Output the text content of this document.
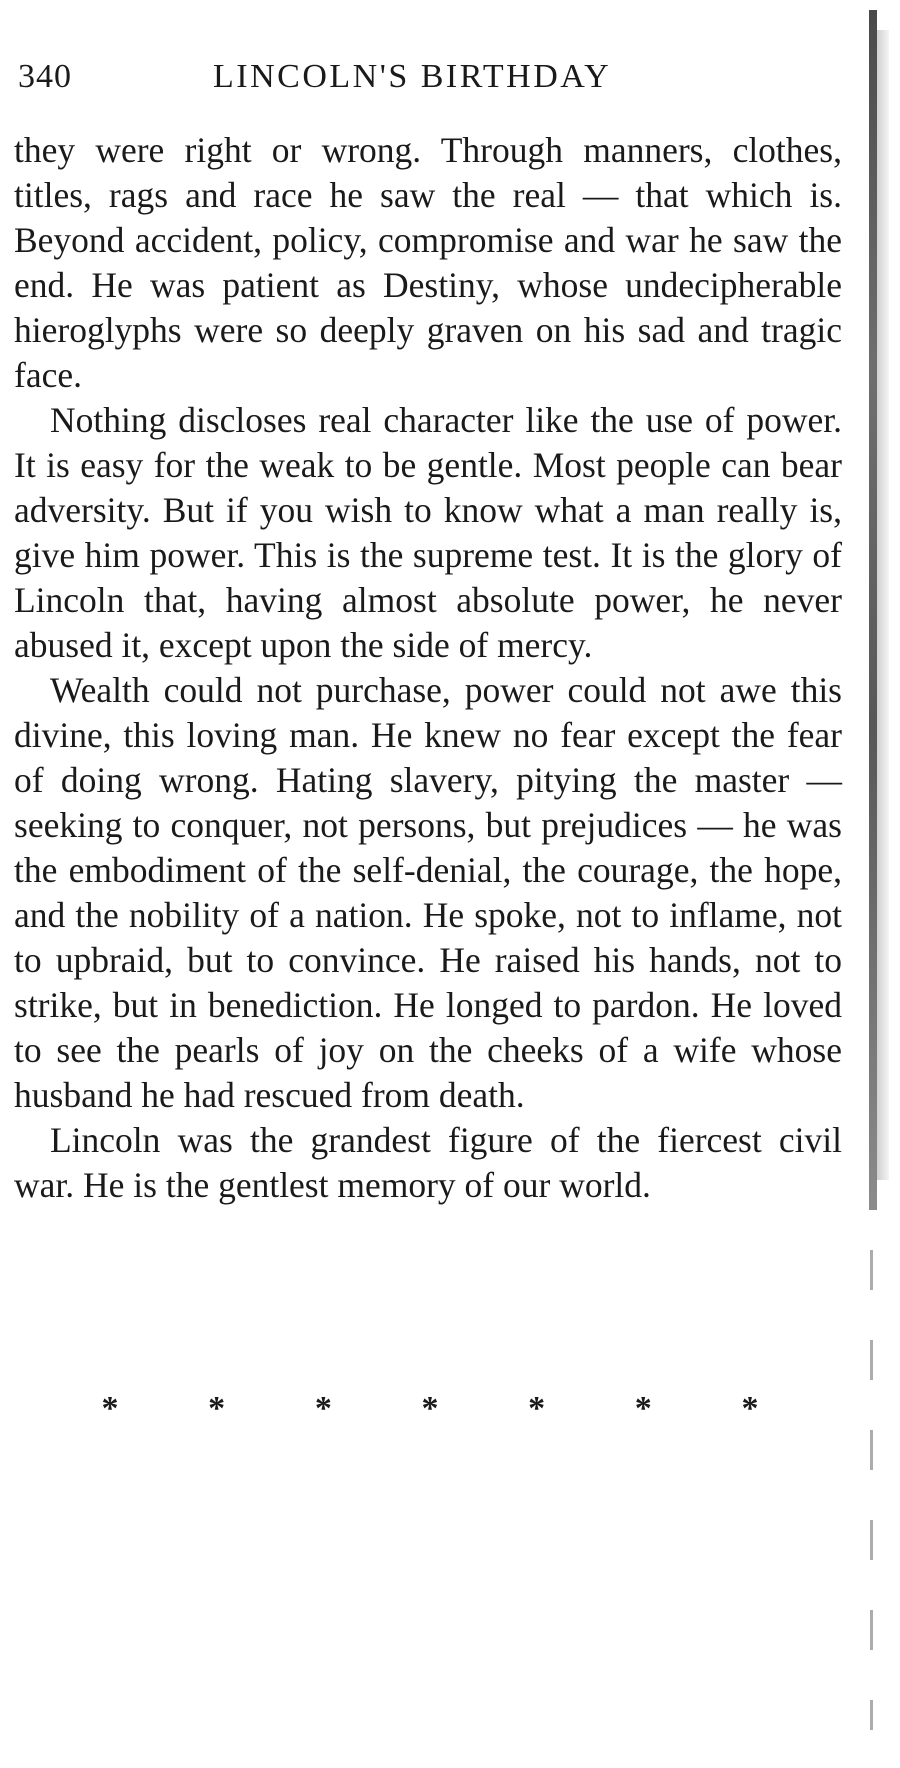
340	LINCOLN'S BIRTHDAY

they were right or wrong. Through manners, clothes, titles, rags and race he saw the real — that which is. Beyond accident, policy, compromise and war he saw the end. He was patient as Destiny, whose undecipherable hieroglyphs were so deeply graven on his sad and tragic face.

Nothing discloses real character like the use of power. It is easy for the weak to be gentle. Most people can bear adversity. But if you wish to know what a man really is, give him power. This is the supreme test. It is the glory of Lincoln that, having almost absolute power, he never abused it, except upon the side of mercy.

Wealth could not purchase, power could not awe this divine, this loving man. He knew no fear except the fear of doing wrong. Hating slavery, pitying the master — seeking to conquer, not persons, but prejudices — he was the embodiment of the self-denial, the courage, the hope, and the nobility of a nation. He spoke, not to inflame, not to upbraid, but to convince. He raised his hands, not to strike, but in benediction. He longed to pardon. He loved to see the pearls of joy on the cheeks of a wife whose husband he had rescued from death.

Lincoln was the grandest figure of the fiercest civil war. He is the gentlest memory of our world.

*	*	*	*	*	*	*
